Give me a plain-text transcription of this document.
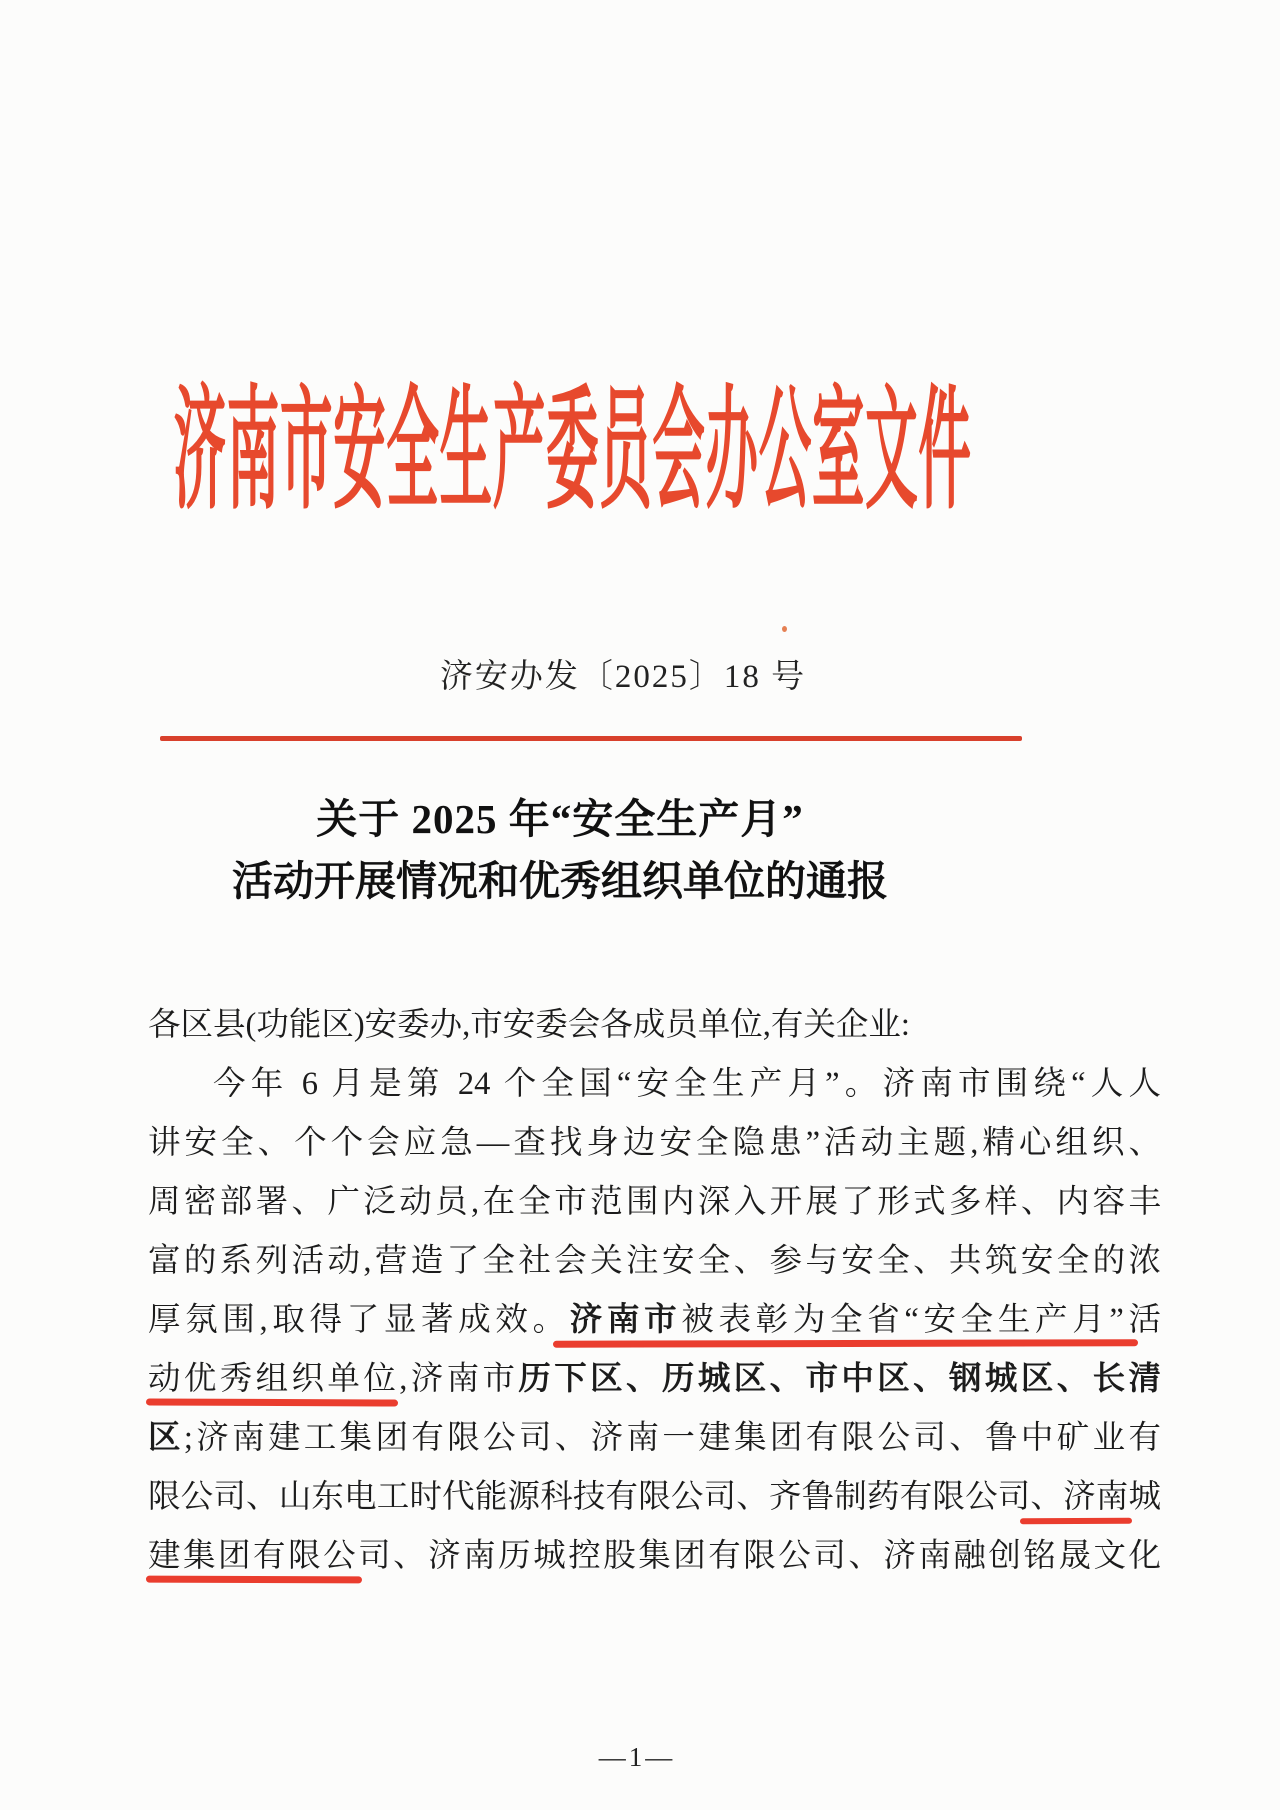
济南市安全生产委员会办公室文件
济安办发〔2025〕18 号
关于 2025 年“安全生产月”
活动开展情况和优秀组织单位的通报
各区县(功能区)安委办,市安委会各成员单位,有关企业:
今年 6 月是第 24 个全国“安全生产月”。济南市围绕“人人
讲安全、个个会应急—查找身边安全隐患”活动主题,精心组织、
周密部署、广泛动员,在全市范围内深入开展了形式多样、内容丰
富的系列活动,营造了全社会关注安全、参与安全、共筑安全的浓
厚氛围,取得了显著成效。济南市被表彰为全省“安全生产月”活
动优秀组织单位,济南市历下区、历城区、市中区、钢城区、长清
区;济南建工集团有限公司、济南一建集团有限公司、鲁中矿业有
限公司、山东电工时代能源科技有限公司、齐鲁制药有限公司、济南城
建集团有限公司、济南历城控股集团有限公司、济南融创铭晟文化
—1—
